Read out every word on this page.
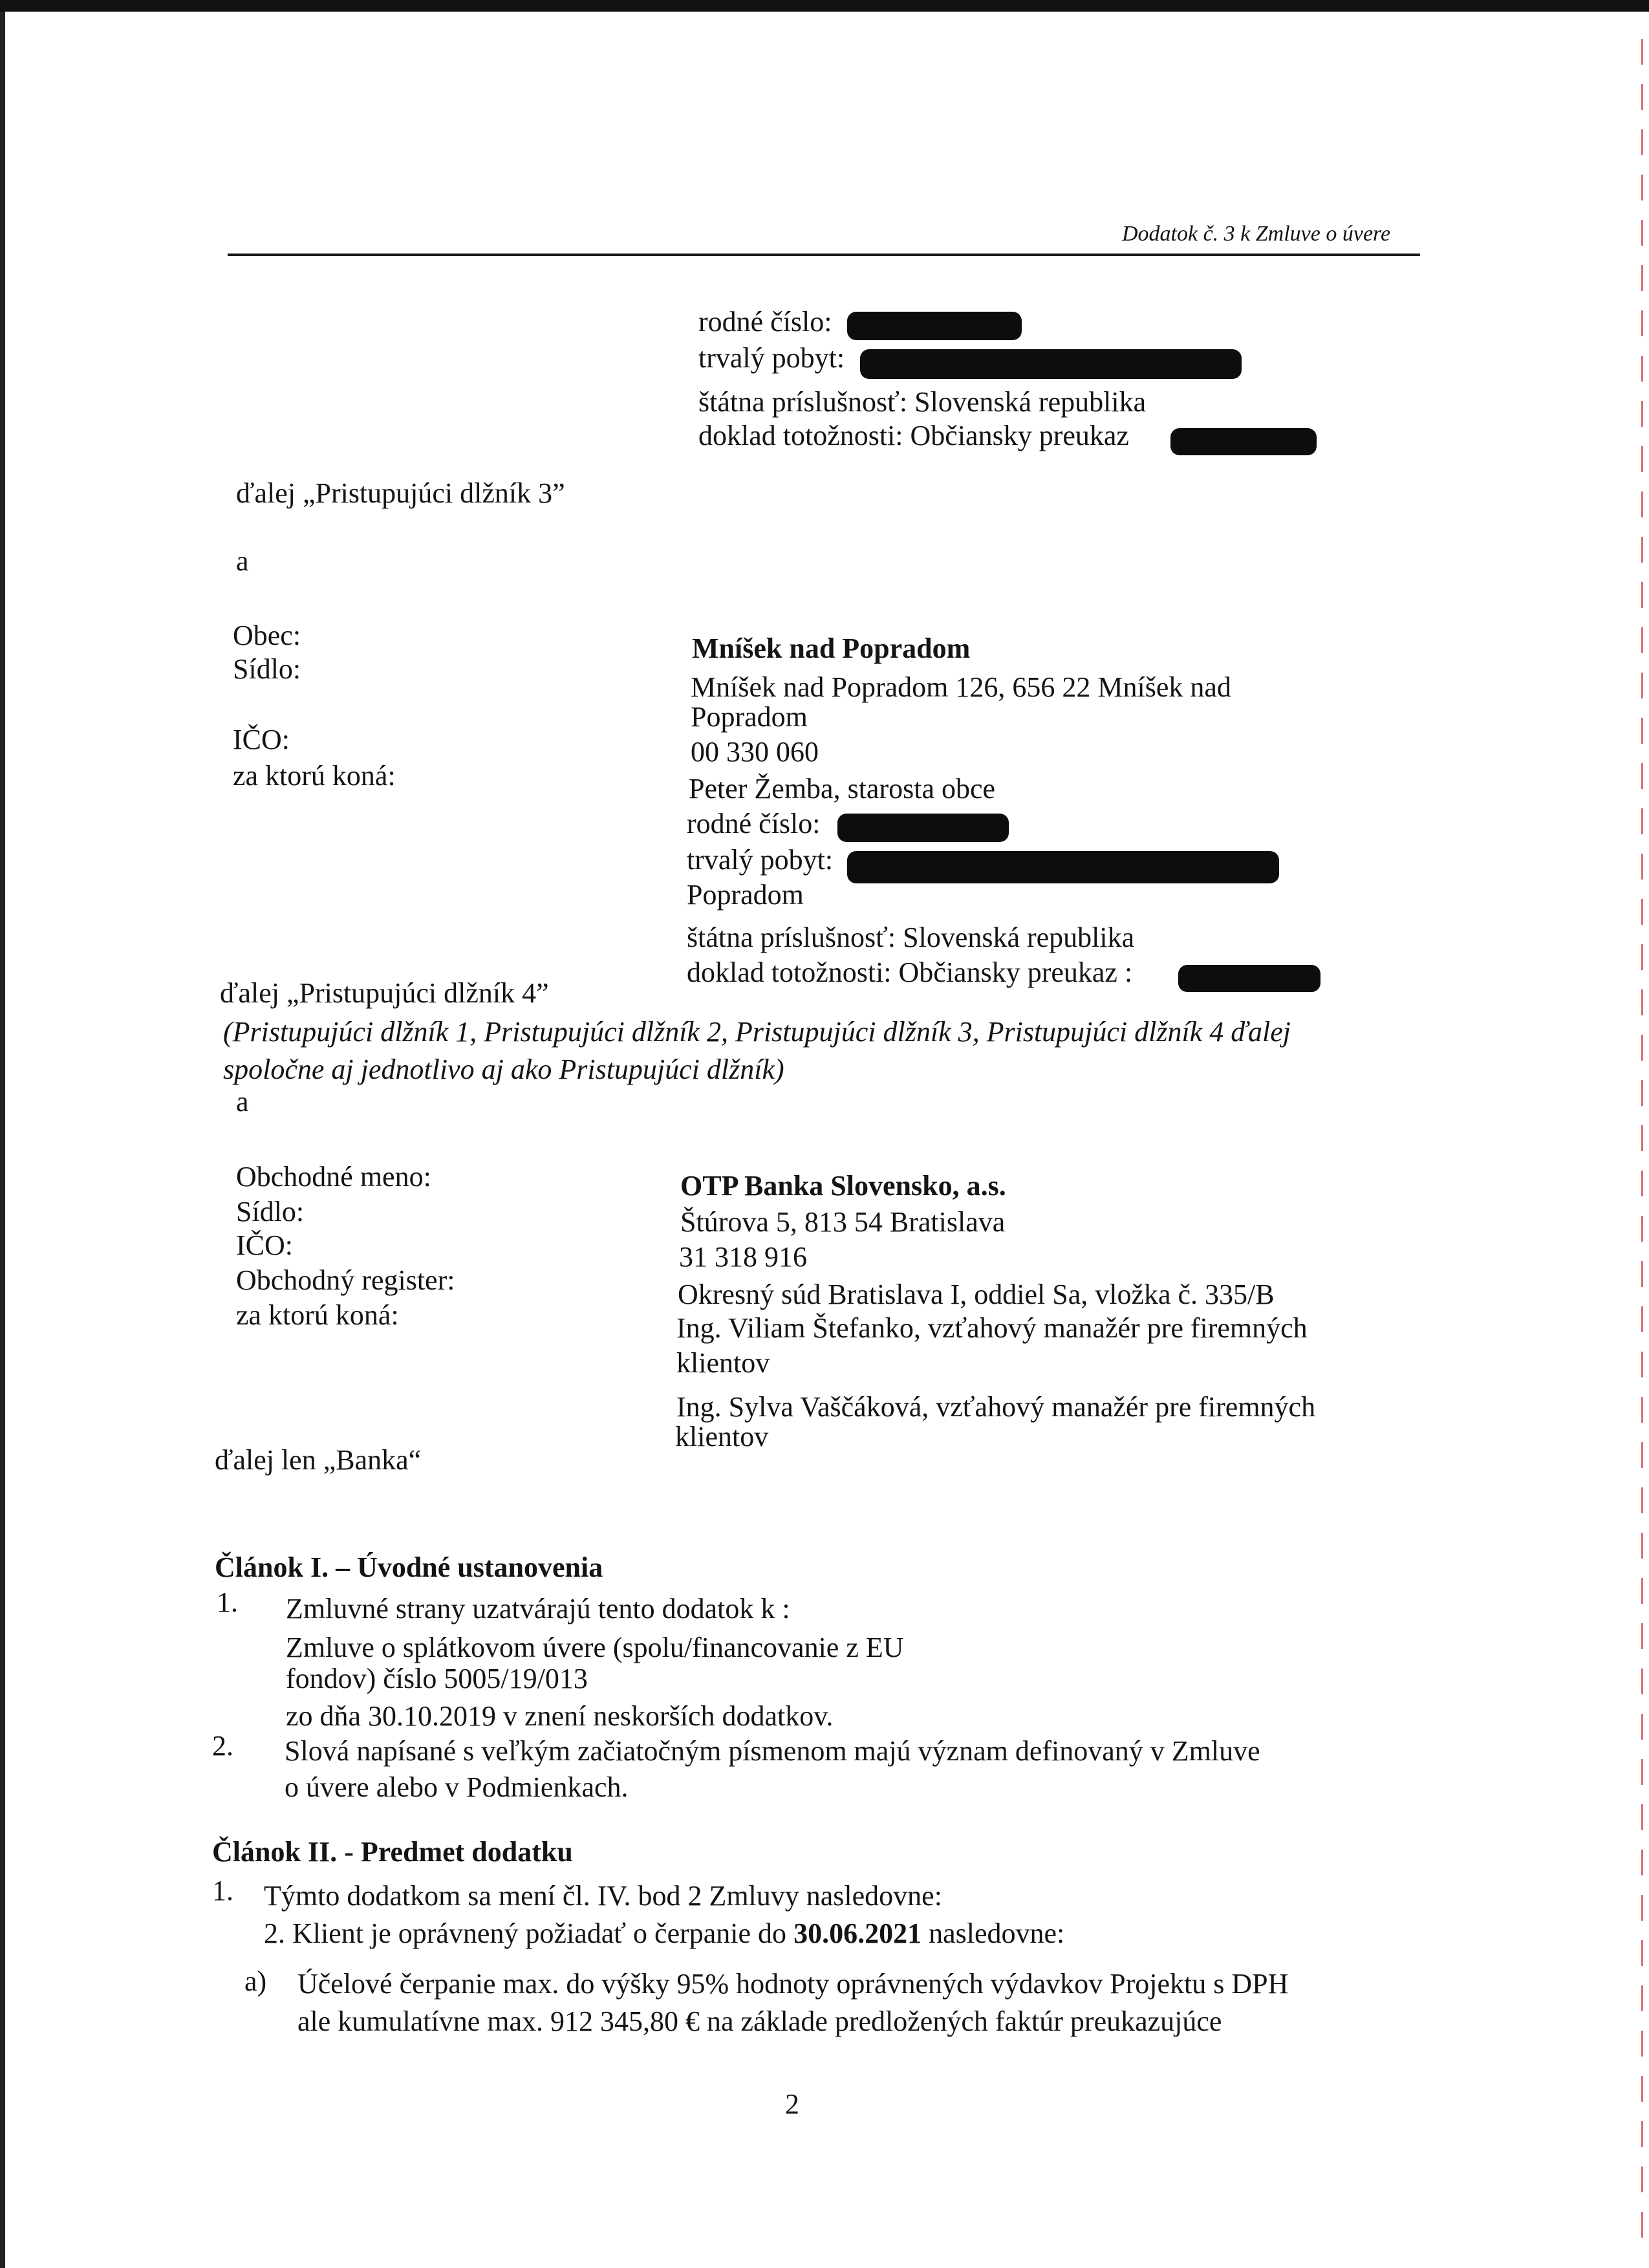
Dodatok č. 3 k Zmluve o úvere
rodné číslo:
trvalý pobyt:
štátna príslušnosť: Slovenská republika
doklad totožnosti: Občiansky preukaz
ďalej „Pristupujúci dlžník 3”
a
Obec:
Sídlo:
IČO:
za ktorú koná:
Mníšek nad Popradom
Mníšek nad Popradom 126, 656 22 Mníšek nad
Popradom
00 330 060
Peter Žemba, starosta obce
rodné číslo:
trvalý pobyt:
Popradom
štátna príslušnosť: Slovenská republika
doklad totožnosti: Občiansky preukaz :
ďalej „Pristupujúci dlžník 4”
(Pristupujúci dlžník 1, Pristupujúci dlžník 2, Pristupujúci dlžník 3, Pristupujúci dlžník 4 ďalej
spoločne aj jednotlivo aj ako Pristupujúci dlžník)
a
Obchodné meno:
Sídlo:
IČO:
Obchodný register:
za ktorú koná:
OTP Banka Slovensko, a.s.
Štúrova 5, 813 54 Bratislava
31 318 916
Okresný súd Bratislava I, oddiel Sa, vložka č. 335/B
Ing. Viliam Štefanko, vzťahový manažér pre firemných
klientov
Ing. Sylva Vaščáková, vzťahový manažér pre firemných
klientov
ďalej len „Banka“
Článok I. – Úvodné ustanovenia
1. Zmluvné strany uzatvárajú tento dodatok k :
Zmluve o splátkovom úvere (spolu/financovanie z EU
fondov) číslo 5005/19/013
zo dňa 30.10.2019 v znení neskorších dodatkov.
2. Slová napísané s veľkým začiatočným písmenom majú význam definovaný v Zmluve
o úvere alebo v Podmienkach.
Článok II. - Predmet dodatku
1. Týmto dodatkom sa mení čl. IV. bod 2 Zmluvy nasledovne:
2. Klient je oprávnený požiadať o čerpanie do 30.06.2021 nasledovne:
a) Účelové čerpanie max. do výšky 95% hodnoty oprávnených výdavkov Projektu s DPH
ale kumulatívne max. 912 345,80 € na základe predložených faktúr preukazujúce
2
